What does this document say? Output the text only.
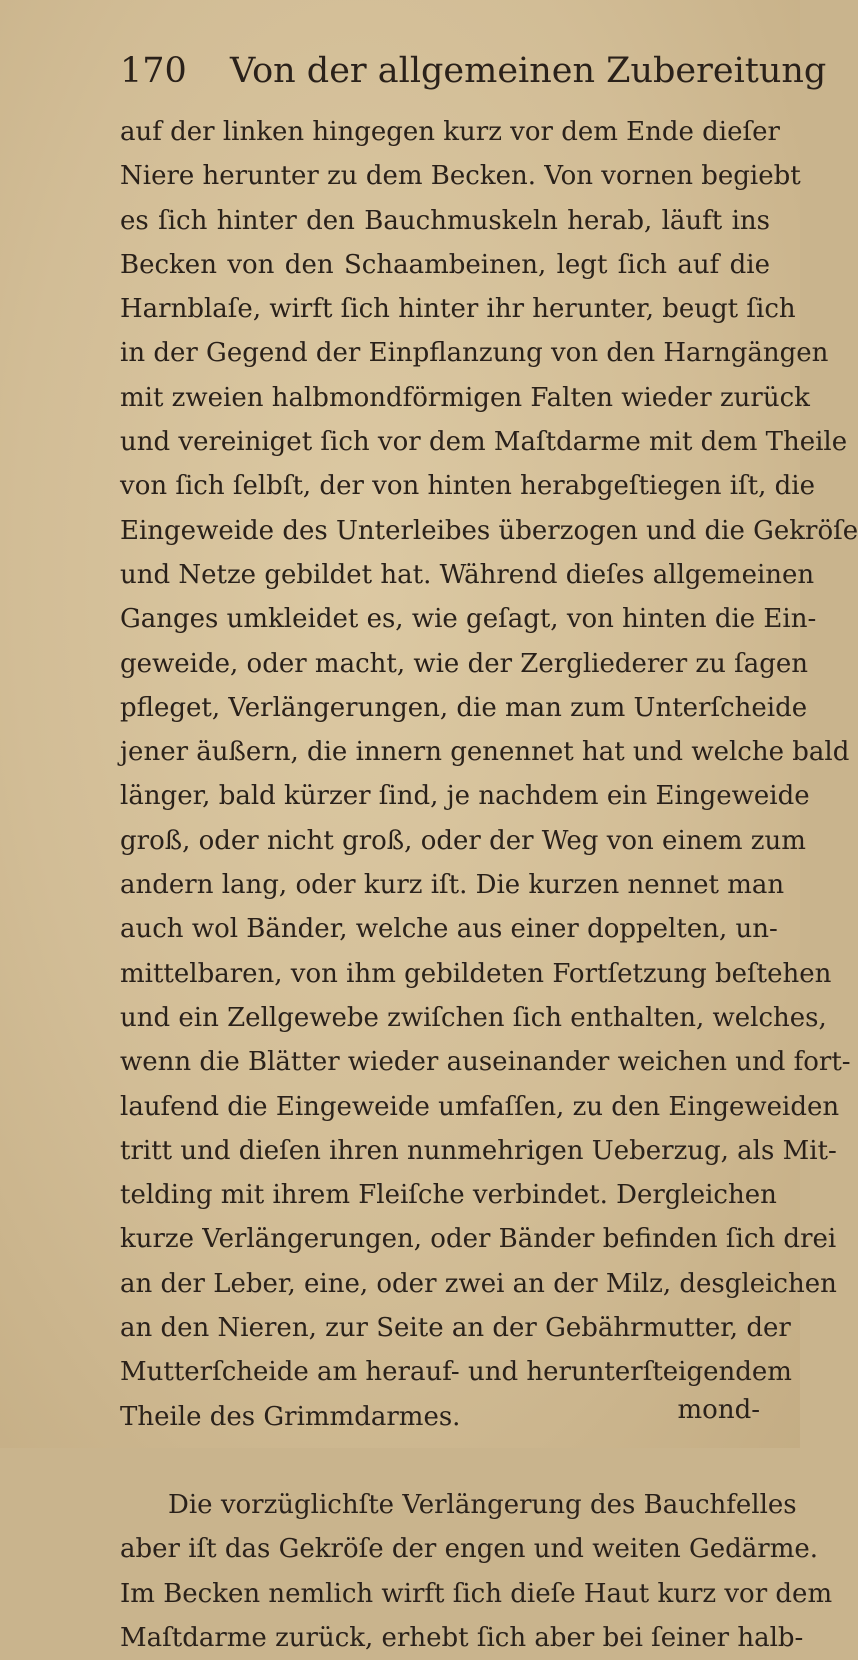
170 Von der allgemeinen Zubereitung
auf der linken hingegen kurz vor dem Ende dieſer
Niere herunter zu dem Becken. Von vornen begiebt
es ſich hinter den Bauchmuskeln herab, läuft ins
Becken von den Schaambeinen, legt ſich auf die
Harnblaſe, wirft ſich hinter ihr herunter, beugt ſich
in der Gegend der Einpflanzung von den Harngängen
mit zweien halbmondförmigen Falten wieder zurück
und vereiniget ſich vor dem Maſtdarme mit dem Theile
von ſich ſelbſt, der von hinten herabgeſtiegen iſt, die
Eingeweide des Unterleibes überzogen und die Gekröſe
und Netze gebildet hat. Während dieſes allgemeinen
Ganges umkleidet es, wie geſagt, von hinten die Ein-
geweide, oder macht, wie der Zergliederer zu ſagen
pfleget, Verlängerungen, die man zum Unterſcheide
jener äußern, die innern genennet hat und welche bald
länger, bald kürzer ſind, je nachdem ein Eingeweide
groß, oder nicht groß, oder der Weg von einem zum
andern lang, oder kurz iſt. Die kurzen nennet man
auch wol Bänder, welche aus einer doppelten, un-
mittelbaren, von ihm gebildeten Fortſetzung beſtehen
und ein Zellgewebe zwiſchen ſich enthalten, welches,
wenn die Blätter wieder auseinander weichen und fort-
laufend die Eingeweide umfaſſen, zu den Eingeweiden
tritt und dieſen ihren nunmehrigen Ueberzug, als Mit-
telding mit ihrem Fleiſche verbindet. Dergleichen
kurze Verlängerungen, oder Bänder befinden ſich drei
an der Leber, eine, oder zwei an der Milz, desgleichen
an den Nieren, zur Seite an der Gebährmutter, der
Mutterſcheide am herauf- und herunterſteigendem
Theile des Grimmdarmes.
Die vorzüglichſte Verlängerung des Bauchfelles
aber iſt das Gekröſe der engen und weiten Gedärme.
Im Becken nemlich wirft ſich dieſe Haut kurz vor dem
Maſtdarme zurück, erhebt ſich aber bei ſeiner halb-
mond-
